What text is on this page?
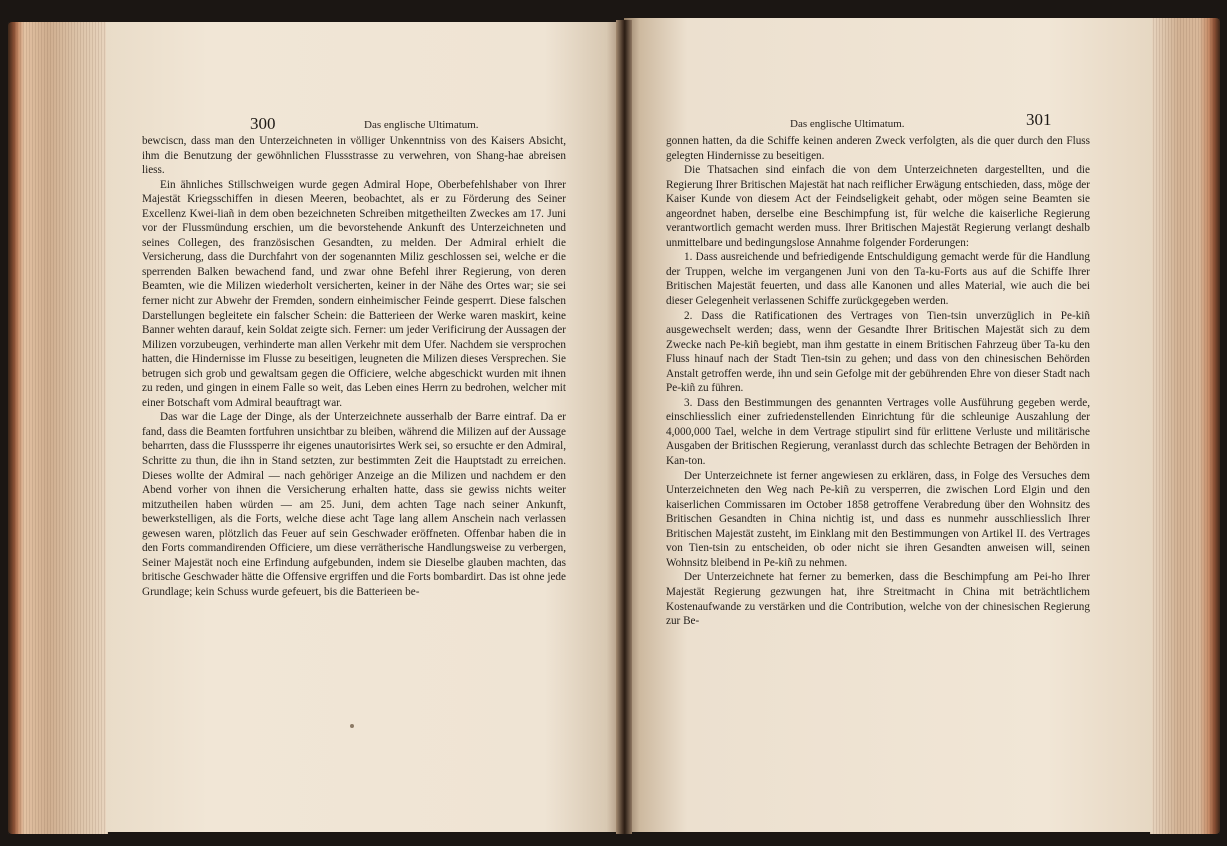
300	Das englische Ultimatum.	Das englische Ultimatum.	301

bewciscn, dass man den Unterzeichneten in völliger Unkenntniss von des Kaisers Absicht, ihm die Benutzung der gewöhnlichen Flussstrasse zu verwehren, von Shang-hae abreisen liess.

Ein ähnliches Stillschweigen wurde gegen Admiral Hope, Oberbefehlshaber von Ihrer Majestät Kriegsschiffen in diesen Meeren, beobachtet, als er zu Förderung des Seiner Excellenz Kwei-liañ in dem oben bezeichneten Schreiben mitgetheilten Zweckes am 17. Juni vor der Flussmündung erschien, um die bevorstehende Ankunft des Unterzeichneten und seines Collegen, des französischen Gesandten, zu melden. Der Admiral erhielt die Versicherung, dass die Durchfahrt von der sogenannten Miliz geschlossen sei, welche er die sperrenden Balken bewachend fand, und zwar ohne Befehl ihrer Regierung, von deren Beamten, wie die Milizen wiederholt versicherten, keiner in der Nähe des Ortes war; sie sei ferner nicht zur Abwehr der Fremden, sondern einheimischer Feinde gesperrt. Diese falschen Darstellungen begleitete ein falscher Schein: die Batterieen der Werke waren maskirt, keine Banner wehten darauf, kein Soldat zeigte sich. Ferner: um jeder Verificirung der Aussagen der Milizen vorzubeugen, verhinderte man allen Verkehr mit dem Ufer. Nachdem sie versprochen hatten, die Hindernisse im Flusse zu beseitigen, leugneten die Milizen dieses Versprechen. Sie betrugen sich grob und gewaltsam gegen die Officiere, welche abgeschickt wurden mit ihnen zu reden, und gingen in einem Falle so weit, das Leben eines Herrn zu bedrohen, welcher mit einer Botschaft vom Admiral beauftragt war.

Das war die Lage der Dinge, als der Unterzeichnete ausserhalb der Barre eintraf. Da er fand, dass die Beamten fortfuhren unsichtbar zu bleiben, während die Milizen auf der Aussage beharrten, dass die Flusssperre ihr eigenes unautorisirtes Werk sei, so ersuchte er den Admiral, Schritte zu thun, die ihn in Stand setzten, zur bestimmten Zeit die Hauptstadt zu erreichen. Dieses wollte der Admiral — nach gehöriger Anzeige an die Milizen und nachdem er den Abend vorher von ihnen die Versicherung erhalten hatte, dass sie gewiss nichts weiter mitzutheilen haben würden — am 25. Juni, dem achten Tage nach seiner Ankunft, bewerkstelligen, als die Forts, welche diese acht Tage lang allem Anschein nach verlassen gewesen waren, plötzlich das Feuer auf sein Geschwader eröffneten. Offenbar haben die in den Forts commandirenden Officiere, um diese verrätherische Handlungsweise zu verbergen, Seiner Majestät noch eine Erfindung aufgebunden, indem sie Dieselbe glauben machten, das britische Geschwader hätte die Offensive ergriffen und die Forts bombardirt. Das ist ohne jede Grundlage; kein Schuss wurde gefeuert, bis die Batterieen be-

gonnen hatten, da die Schiffe keinen anderen Zweck verfolgten, als die quer durch den Fluss gelegten Hindernisse zu beseitigen.

Die Thatsachen sind einfach die von dem Unterzeichneten dargestellten, und die Regierung Ihrer Britischen Majestät hat nach reiflicher Erwägung entschieden, dass, möge der Kaiser Kunde von diesem Act der Feindseligkeit gehabt, oder mögen seine Beamten sie angeordnet haben, derselbe eine Beschimpfung ist, für welche die kaiserliche Regierung verantwortlich gemacht werden muss. Ihrer Britischen Majestät Regierung verlangt deshalb unmittelbare und bedingungslose Annahme folgender Forderungen:

1. Dass ausreichende und befriedigende Entschuldigung gemacht werde für die Handlung der Truppen, welche im vergangenen Juni von den Ta-ku-Forts aus auf die Schiffe Ihrer Britischen Majestät feuerten, und dass alle Kanonen und alles Material, wie auch die bei dieser Gelegenheit verlassenen Schiffe zurückgegeben werden.

2. Dass die Ratificationen des Vertrages von Tien-tsin unverzüglich in Pe-kiñ ausgewechselt werden; dass, wenn der Gesandte Ihrer Britischen Majestät sich zu dem Zwecke nach Pe-kiñ begiebt, man ihm gestatte in einem Britischen Fahrzeug über Ta-ku den Fluss hinauf nach der Stadt Tien-tsin zu gehen; und dass von den chinesischen Behörden Anstalt getroffen werde, ihn und sein Gefolge mit der gebührenden Ehre von dieser Stadt nach Pe-kiñ zu führen.

3. Dass den Bestimmungen des genannten Vertrages volle Ausführung gegeben werde, einschliesslich einer zufriedenstellenden Einrichtung für die schleunige Auszahlung der 4,000,000 Tael, welche in dem Vertrage stipulirt sind für erlittene Verluste und militärische Ausgaben der Britischen Regierung, veranlasst durch das schlechte Betragen der Behörden in Kan-ton.

Der Unterzeichnete ist ferner angewiesen zu erklären, dass, in Folge des Versuches dem Unterzeichneten den Weg nach Pe-kiñ zu versperren, die zwischen Lord Elgin und den kaiserlichen Commissaren im October 1858 getroffene Verabredung über den Wohnsitz des Britischen Gesandten in China nichtig ist, und dass es nunmehr ausschliesslich Ihrer Britischen Majestät zusteht, im Einklang mit den Bestimmungen von Artikel II. des Vertrages von Tien-tsin zu entscheiden, ob oder nicht sie ihren Gesandten anweisen will, seinen Wohnsitz bleibend in Pe-kiñ zu nehmen.

Der Unterzeichnete hat ferner zu bemerken, dass die Beschimpfung am Pei-ho Ihrer Majestät Regierung gezwungen hat, ihre Streitmacht in China mit beträchtlichem Kostenaufwande zu verstärken und die Contribution, welche von der chinesischen Regierung zur Be-
